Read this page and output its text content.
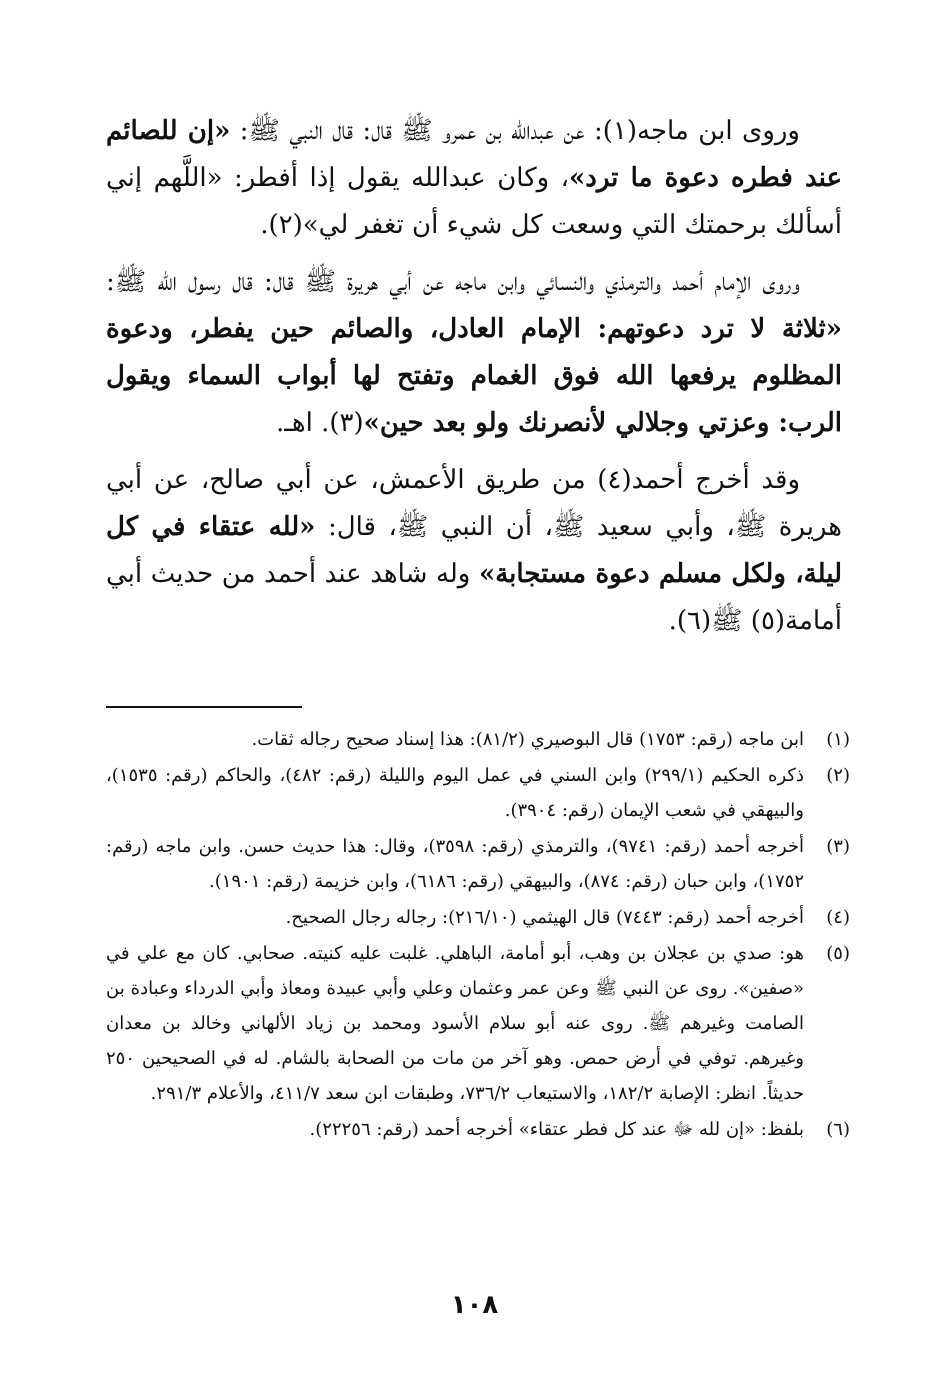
وروى ابن ماجه(١): عن عبدالله بن عمرو ﷺ قال: قال النبي ﷺ: «إن للصائم عند فطره دعوة ما ترد»، وكان عبدالله يقول إذا أفطر: «اللَّهم إني أسألك برحمتك التي وسعت كل شيء أن تغفر لي»(٢).

وروى الإمام أحمد والترمذي والنسائي وابن ماجه عن أبي هريرة ﷺ قال: قال رسول الله ﷺ: «ثلاثة لا ترد دعوتهم: الإمام العادل، والصائم حين يفطر، ودعوة المظلوم يرفعها الله فوق الغمام وتفتح لها أبواب السماء ويقول الرب: وعزتي وجلالي لأنصرنك ولو بعد حين»(٣). اهـ.

وقد أخرج أحمد(٤) من طريق الأعمش، عن أبي صالح، عن أبي هريرة ﷺ، وأبي سعيد ﷺ، أن النبي ﷺ، قال: «لله عتقاء في كل ليلة، ولكل مسلم دعوة مستجابة» وله شاهد عند أحمد من حديث أبي أمامة(٥) ﷺ(٦).

(١)
ابن ماجه (رقم: ١٧٥٣) قال البوصيري (٨١/٢): هذا إسناد صحيح رجاله ثقات.
(٢)
ذكره الحكيم (٢٩٩/١) وابن السني في عمل اليوم والليلة (رقم: ٤٨٢)، والحاكم (رقم: ١٥٣٥)، والبيهقي في شعب الإيمان (رقم: ٣٩٠٤).
(٣)
أخرجه أحمد (رقم: ٩٧٤١)، والترمذي (رقم: ٣٥٩٨)، وقال: هذا حديث حسن. وابن ماجه (رقم: ١٧٥٢)، وابن حبان (رقم: ٨٧٤)، والبيهقي (رقم: ٦١٨٦)، وابن خزيمة (رقم: ١٩٠١).
(٤)
أخرجه أحمد (رقم: ٧٤٤٣) قال الهيثمي (٢١٦/١٠): رجاله رجال الصحيح.
(٥)
هو: صدي بن عجلان بن وهب، أبو أمامة، الباهلي. غلبت عليه كنيته. صحابي. كان مع علي في «صفين». روى عن النبي ﷺ وعن عمر وعثمان وعلي وأبي عبيدة ومعاذ وأبي الدرداء وعبادة بن الصامت وغيرهم ﷺ. روى عنه أبو سلام الأسود ومحمد بن زياد الألهاني وخالد بن معدان وغيرهم. توفي في أرض حمص. وهو آخر من مات من الصحابة بالشام. له في الصحيحين ٢٥٠ حديثاً. انظر: الإصابة ١٨٢/٢، والاستيعاب ٧٣٦/٢، وطبقات ابن سعد ٤١١/٧، والأعلام ٢٩١/٣.
(٦)
بلفظ: «إن لله ﷻ عند كل فطر عتقاء» أخرجه أحمد (رقم: ٢٢٢٥٦).
١٠٨
